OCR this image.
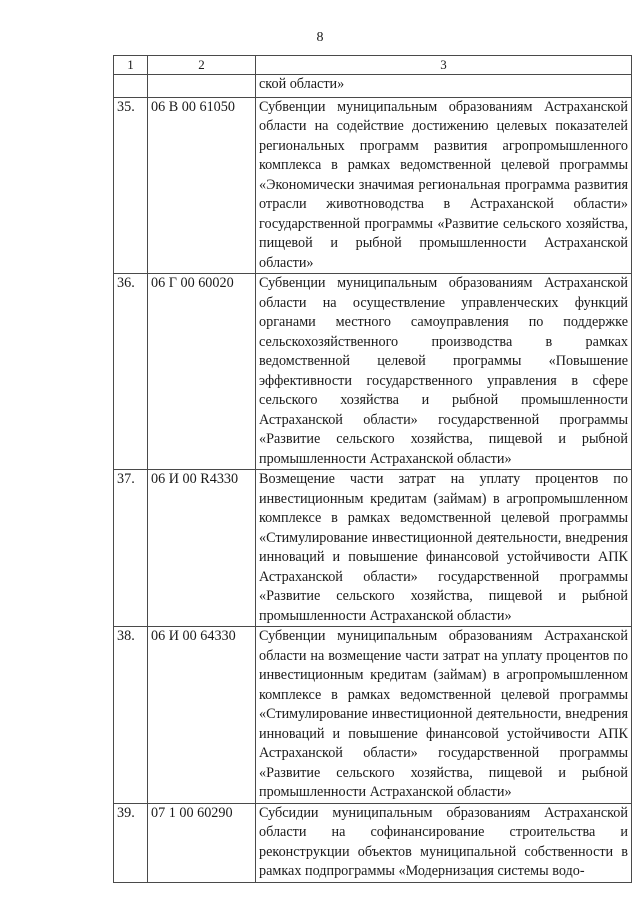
8
1	2	3
		ской области»
35.	06 В 00 61050	Субвенции муниципальным образованиям Астраханской области на содействие достижению целевых показателей региональных программ развития агропромышленного комплекса в рамках ведомственной целевой программы «Экономически значимая региональная программа развития отрасли животноводства в Астраханской области» государственной программы «Развитие сельского хозяйства, пищевой и рыбной промышленности Астраханской области»
36.	06 Г 00 60020	Субвенции муниципальным образованиям Астраханской области на осуществление управленческих функций органами местного самоуправления по поддержке сельскохозяйственного производства в рамках ведомственной целевой программы «Повышение эффективности государственного управления в сфере сельского хозяйства и рыбной промышленности Астраханской области» государственной программы «Развитие сельского хозяйства, пищевой и рыбной промышленности Астраханской области»
37.	06 И 00 R4330	Возмещение части затрат на уплату процентов по инвестиционным кредитам (займам) в агропромышленном комплексе в рамках ведомственной целевой программы «Стимулирование инвестиционной деятельности, внедрения инноваций и повышение финансовой устойчивости АПК Астраханской области» государственной программы «Развитие сельского хозяйства, пищевой и рыбной промышленности Астраханской области»
38.	06 И 00 64330	Субвенции муниципальным образованиям Астраханской области на возмещение части затрат на уплату процентов по инвестиционным кредитам (займам) в агропромышленном комплексе в рамках ведомственной целевой программы «Стимулирование инвестиционной деятельности, внедрения инноваций и повышение финансовой устойчивости АПК Астраханской области» государственной программы «Развитие сельского хозяйства, пищевой и рыбной промышленности Астраханской области»
39.	07 1 00 60290	Субсидии муниципальным образованиям Астраханской области на софинансирование строительства и реконструкции объектов муниципальной собственности в рамках подпрограммы «Модернизация системы водо-
